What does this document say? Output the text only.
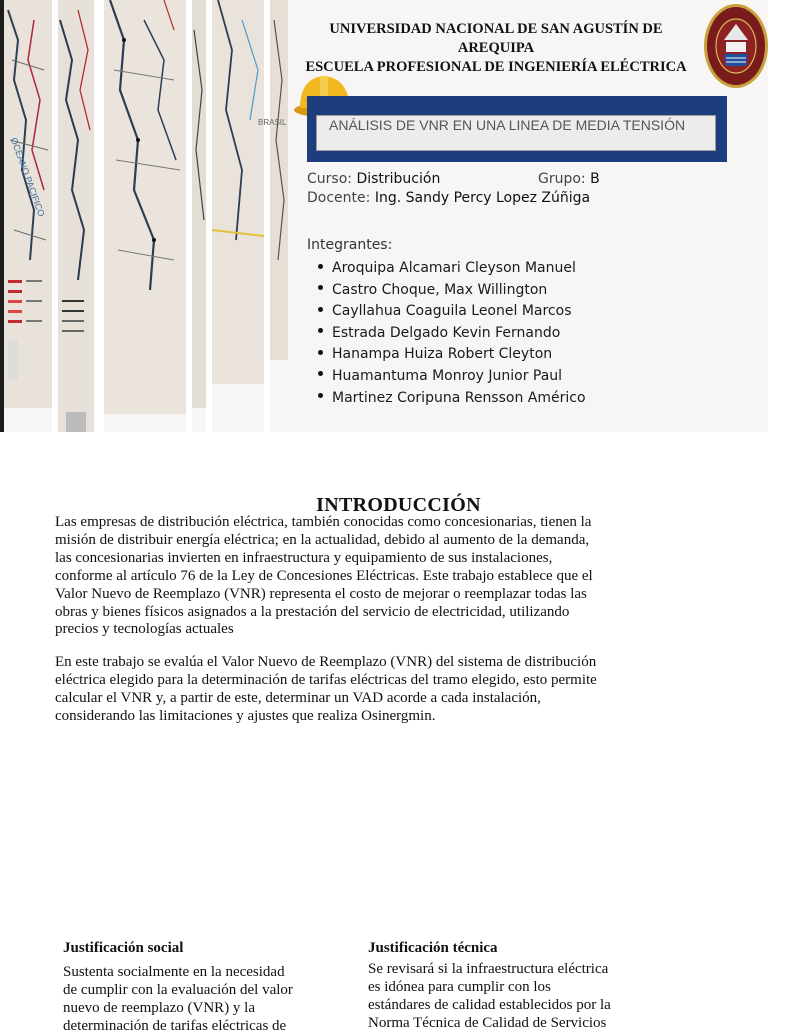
OCEANO PACIFICO
BRASIL
UNIVERSIDAD NACIONAL DE SAN AGUSTÍN DE AREQUIPA
ESCUELA PROFESIONAL DE INGENIERÍA ELÉCTRICA
ANÁLISIS DE VNR EN UNA LINEA DE MEDIA TENSIÓN
Curso: Distribución	Grupo: B
Docente: Ing. Sandy Percy Lopez Zúñiga
Integrantes:
Aroquipa Alcamari Cleyson Manuel
Castro Choque, Max Willington
Cayllahua Coaguila Leonel Marcos
Estrada Delgado Kevin Fernando
Hanampa Huiza Robert Cleyton
Huamantuma Monroy Junior Paul
Martinez Coripuna Rensson Américo
INTRODUCCIÓN
Las empresas de distribución eléctrica, también conocidas como concesionarias, tienen la
misión de distribuir energía eléctrica; en la actualidad, debido al aumento de la demanda,
las concesionarias invierten en infraestructura y equipamiento de sus instalaciones,
conforme al artículo 76 de la Ley de Concesiones Eléctricas. Este trabajo establece que el
Valor Nuevo de Reemplazo (VNR) representa el costo de mejorar o reemplazar todas las
obras y bienes físicos asignados a la prestación del servicio de electricidad, utilizando
precios y tecnologías actuales
En este trabajo se evalúa el Valor Nuevo de Reemplazo (VNR) del sistema de distribución
eléctrica elegido para la determinación de tarifas eléctricas del tramo elegido, esto permite
calcular el VNR y, a partir de este, determinar un VAD acorde a cada instalación,
considerando las limitaciones y ajustes que realiza Osinergmin.
Justificación social
Sustenta socialmente en la necesidad
de cumplir con la evaluación del valor
nuevo de reemplazo (VNR) y la
determinación de tarifas eléctricas de
Justificación técnica
Se revisará si la infraestructura eléctrica
es idónea para cumplir con los
estándares de calidad establecidos por la
Norma Técnica de Calidad de Servicios
